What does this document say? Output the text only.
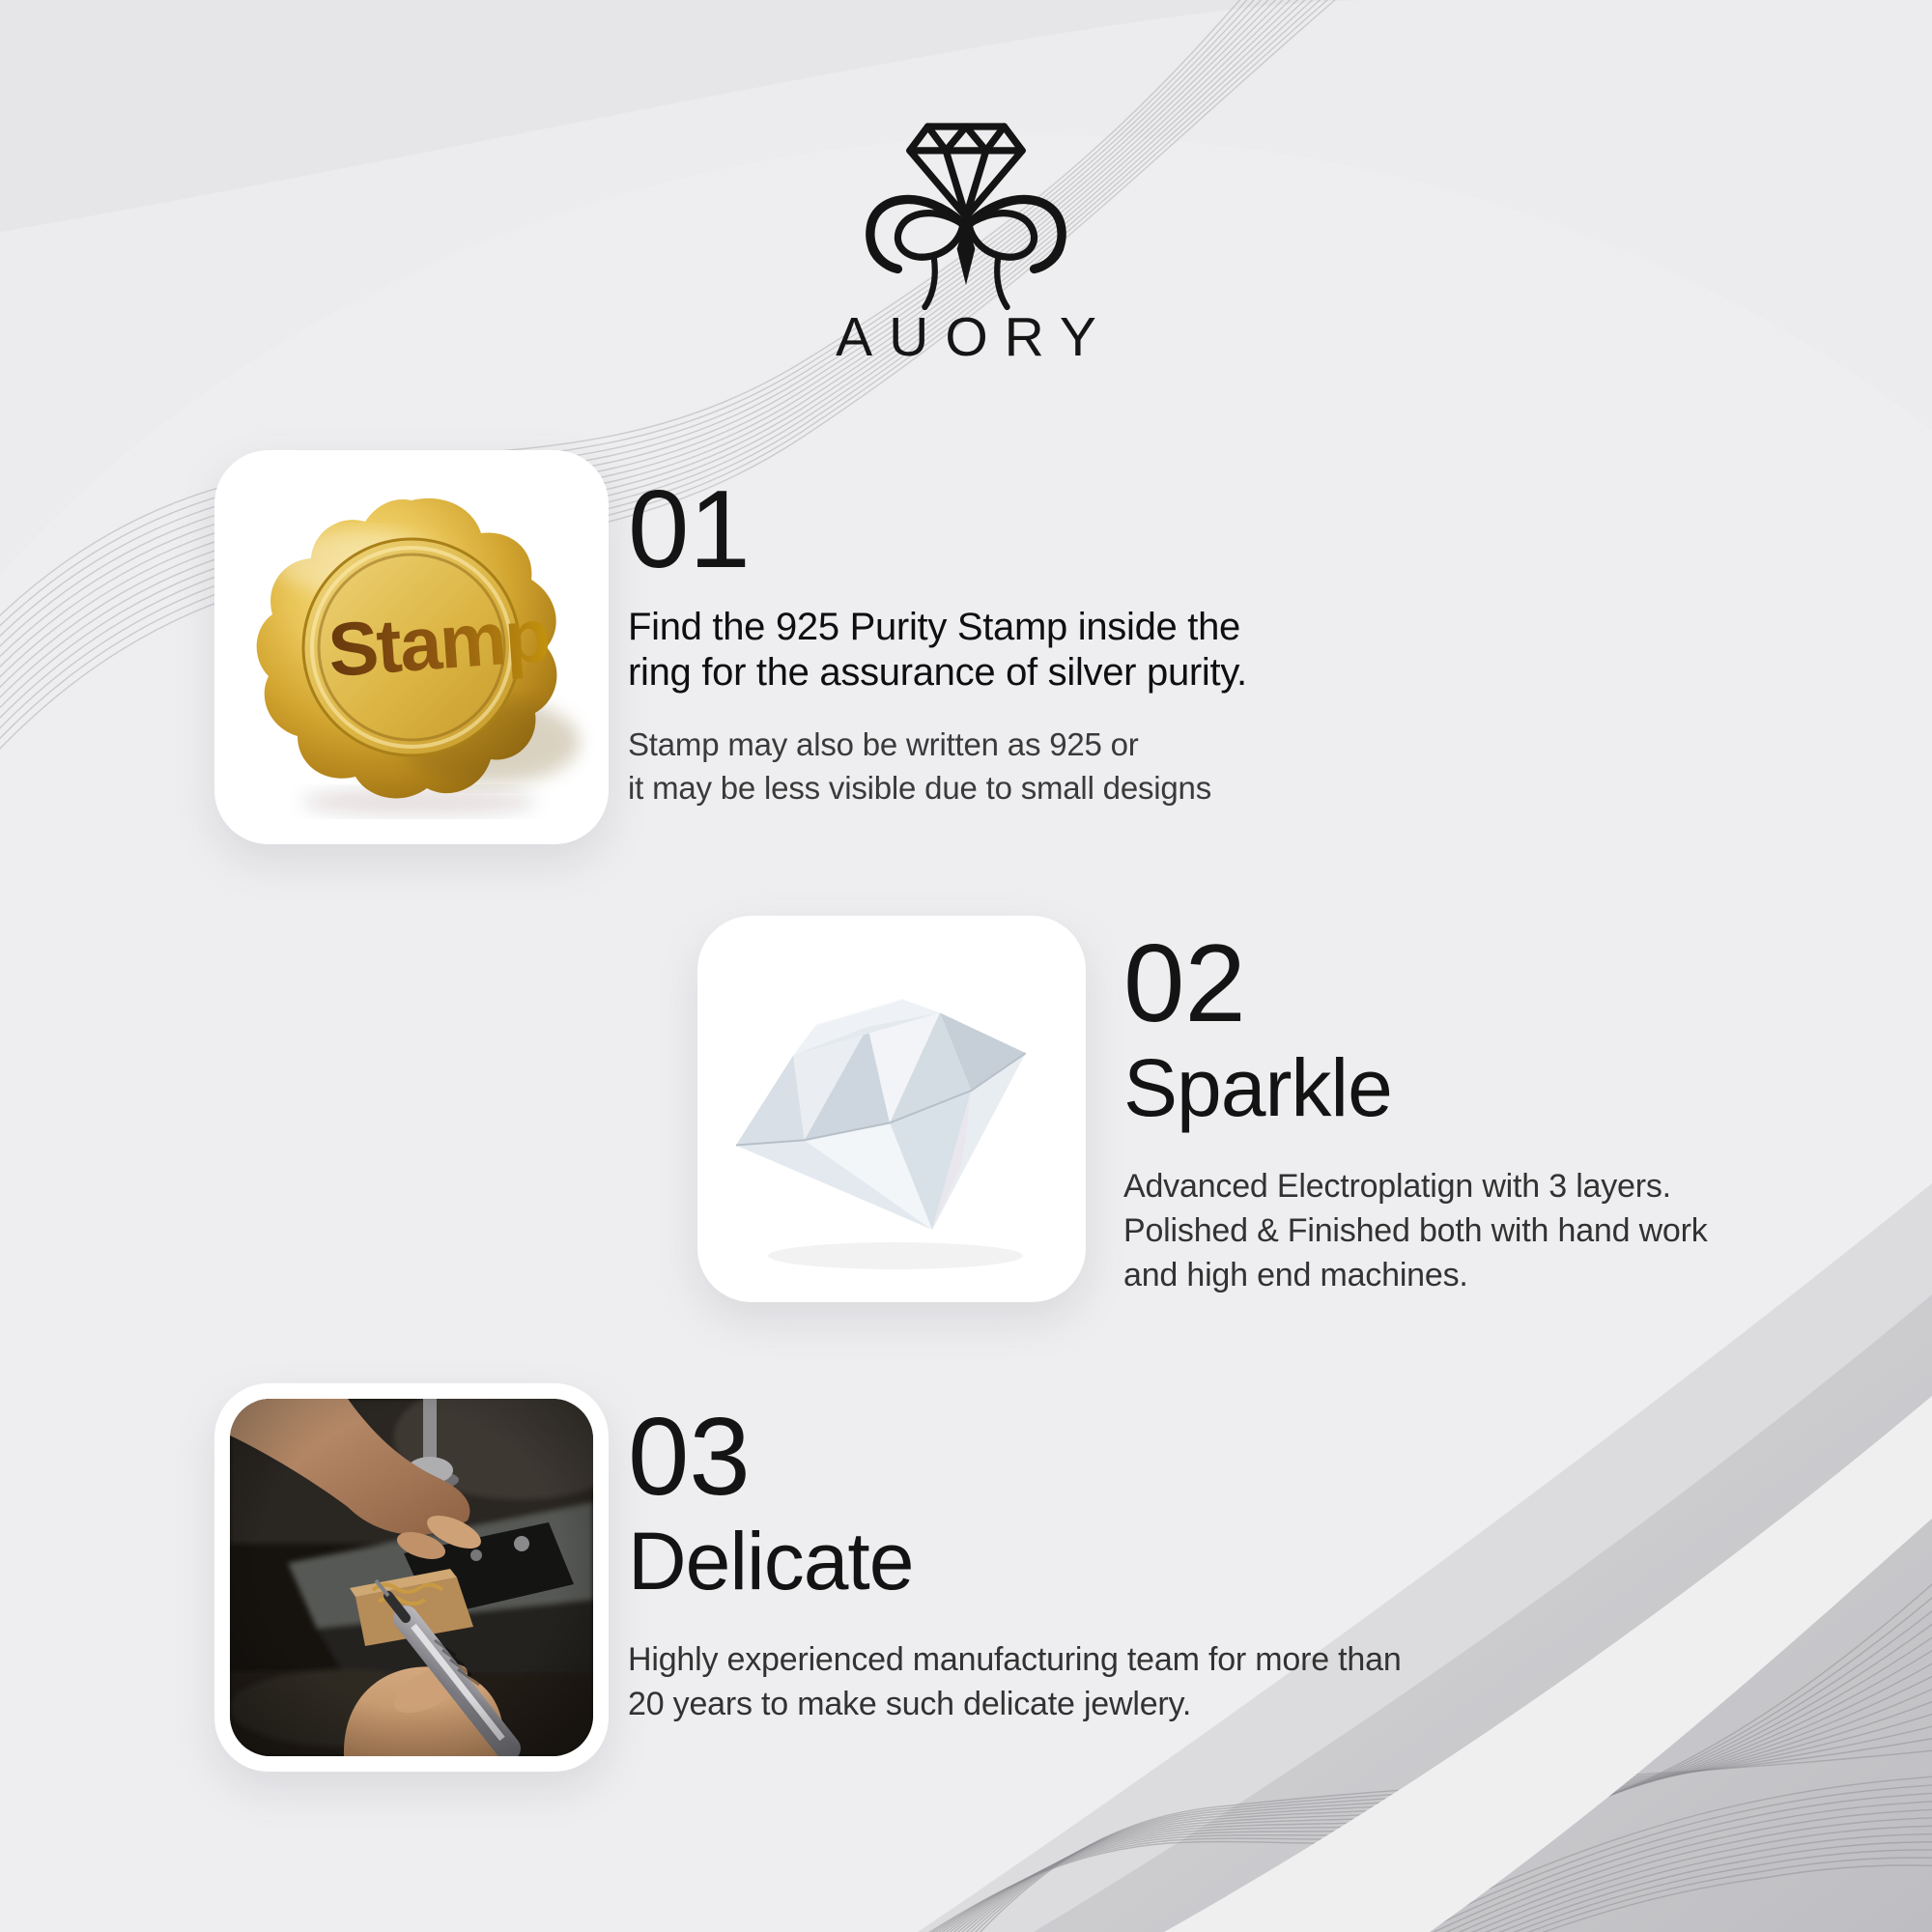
AUORY
Stamp
01
Find the 925 Purity Stamp inside the
ring for the assurance of silver purity.
Stamp may also be written as 925 or
it may be less visible due to small designs
02
Sparkle
Advanced Electroplatign with 3 layers.
Polished & Finished both with hand work
and high end machines.
03
Delicate
Highly experienced manufacturing team for more than
20 years to make such delicate jewlery.
